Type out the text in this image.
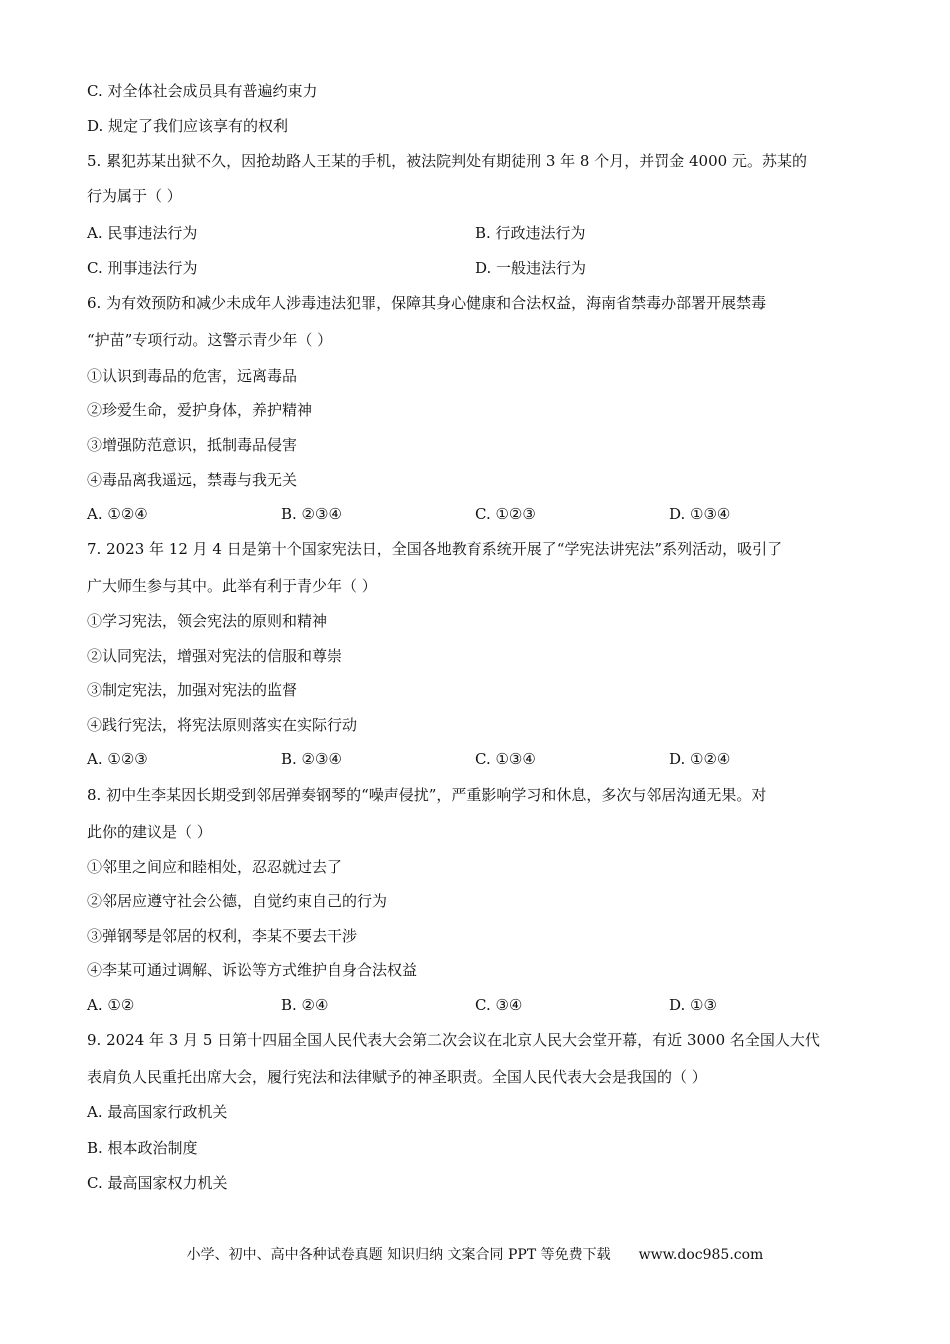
C. 对全体社会成员具有普遍约束力
D. 规定了我们应该享有的权利
5. 累犯苏某出狱不久，因抢劫路人王某的手机，被法院判处有期徒刑 3 年 8 个月，并罚金 4000 元。苏某的
行为属于（ ）
A. 民事违法行为	B. 行政违法行为
C. 刑事违法行为	D. 一般违法行为
6. 为有效预防和减少未成年人涉毒违法犯罪，保障其身心健康和合法权益，海南省禁毒办部署开展禁毒
“护苗”专项行动。这警示青少年（ ）
①认识到毒品的危害，远离毒品
②珍爱生命，爱护身体，养护精神
③增强防范意识，抵制毒品侵害
④毒品离我遥远，禁毒与我无关
A. ①②④	B. ②③④	C. ①②③	D. ①③④
7. 2023 年 12 月 4 日是第十个国家宪法日，全国各地教育系统开展了“学宪法讲宪法”系列活动，吸引了
广大师生参与其中。此举有利于青少年（ ）
①学习宪法，领会宪法的原则和精神
②认同宪法，增强对宪法的信服和尊崇
③制定宪法，加强对宪法的监督
④践行宪法，将宪法原则落实在实际行动
A. ①②③	B. ②③④	C. ①③④	D. ①②④
8. 初中生李某因长期受到邻居弹奏钢琴的“噪声侵扰”，严重影响学习和休息，多次与邻居沟通无果。对
此你的建议是（ ）
①邻里之间应和睦相处，忍忍就过去了
②邻居应遵守社会公德，自觉约束自己的行为
③弹钢琴是邻居的权利，李某不要去干涉
④李某可通过调解、诉讼等方式维护自身合法权益
A. ①②	B. ②④	C. ③④	D. ①③
9. 2024 年 3 月 5 日第十四届全国人民代表大会第二次会议在北京人民大会堂开幕，有近 3000 名全国人大代
表肩负人民重托出席大会，履行宪法和法律赋予的神圣职责。全国人民代表大会是我国的（ ）
A. 最高国家行政机关
B. 根本政治制度
C. 最高国家权力机关
小学、初中、高中各种试卷真题 知识归纳 文案合同 PPT 等免费下载 www.doc985.com
